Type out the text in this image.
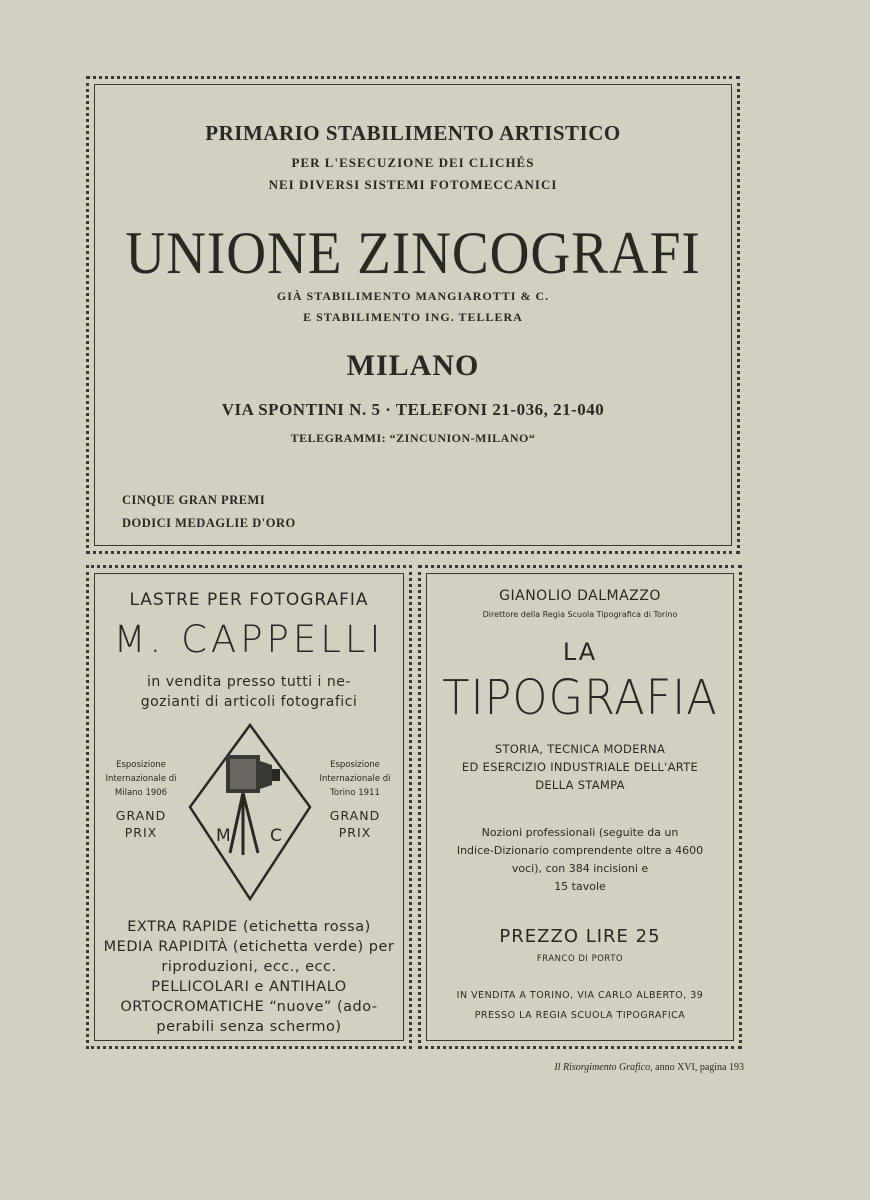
PRIMARIO STABILIMENTO ARTISTICO
PER L'ESECUZIONE DEI CLICHÉS
NEI DIVERSI SISTEMI FOTOMECCANICI
UNIONE ZINCOGRAFI
GIÀ STABILIMENTO MANGIAROTTI & C.
E STABILIMENTO ING. TELLERA
MILANO
VIA SPONTINI N. 5 · TELEFONI 21-036, 21-040
TELEGRAMMI: “ZINCUNION-MILANO“
CINQUE GRAN PREMI
DODICI MEDAGLIE D'ORO
LASTRE PER FOTOGRAFIA
M. CAPPELLI
in vendita presso tutti i ne-
gozianti di articoli fotografici
Esposizione
Internazionale di
Milano 1906
Esposizione
Internazionale di
Torino 1911
GRAND
PRIX
GRAND
PRIX
M C
EXTRA RAPIDE (etichetta rossa)
MEDIA RAPIDITÀ (etichetta verde) per
riproduzioni, ecc., ecc.
PELLICOLARI e ANTIHALO
ORTOCROMATICHE “nuove” (ado-
perabili senza schermo)
GIANOLIO DALMAZZO
Direttore della Regia Scuola Tipografica di Torino
LA
TIPOGRAFIA
STORIA, TECNICA MODERNA
ED ESERCIZIO INDUSTRIALE DELL'ARTE
DELLA STAMPA
Nozioni professionali (seguite da un
Indice-Dizionario comprendente oltre a 4600
voci), con 384 incisioni e
15 tavole
PREZZO LIRE 25
FRANCO DI PORTO
IN VENDITA A TORINO, VIA CARLO ALBERTO, 39
PRESSO LA REGIA SCUOLA TIPOGRAFICA
Il Risorgimento Grafico, anno XVI, pagina 193
